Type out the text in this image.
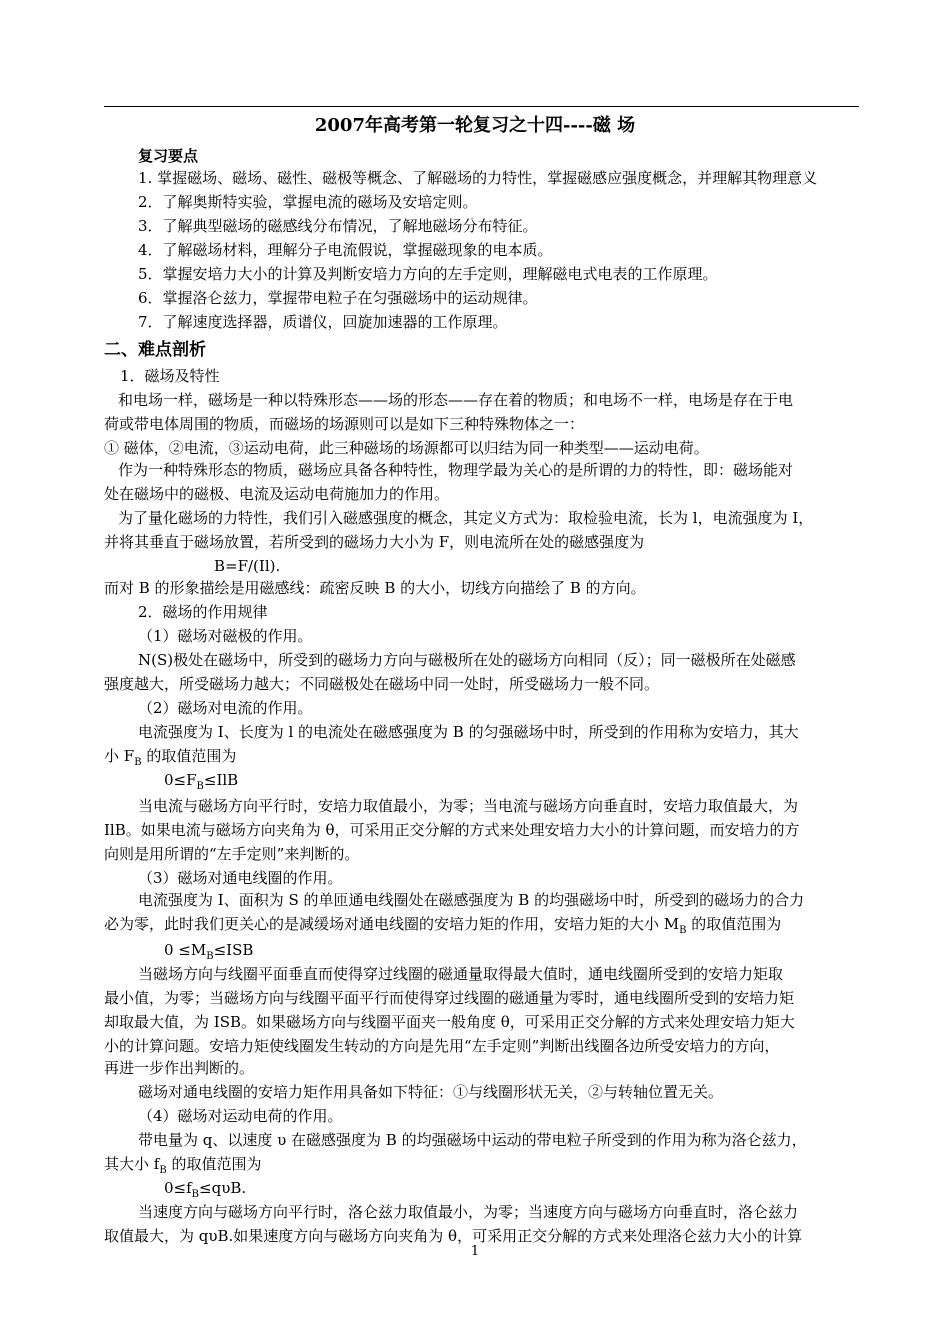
2007年高考第一轮复习之十四----磁 场
复习要点
1. 掌握磁场、磁场、磁性、磁极等概念、了解磁场的力特性，掌握磁感应强度概念，并理解其物理意义
2．了解奥斯特实验，掌握电流的磁场及安培定则。
3．了解典型磁场的磁感线分布情况，了解地磁场分布特征。
4．了解磁场材料，理解分子电流假说，掌握磁现象的电本质。
5．掌握安培力大小的计算及判断安培力方向的左手定则，理解磁电式电表的工作原理。
6．掌握洛仑兹力，掌握带电粒子在匀强磁场中的运动规律。
7．了解速度选择器，质谱仪，回旋加速器的工作原理。
二、难点剖析
1．磁场及特性
和电场一样，磁场是一种以特殊形态——场的形态——存在着的物质；和电场不一样，电场是存在于电
荷或带电体周围的物质，而磁场的场源则可以是如下三种特殊物体之一：
① 磁体，②电流，③运动电荷，此三种磁场的场源都可以归结为同一种类型——运动电荷。
作为一种特殊形态的物质，磁场应具备各种特性，物理学最为关心的是所谓的力的特性，即：磁场能对
处在磁场中的磁极、电流及运动电荷施加力的作用。
为了量化磁场的力特性，我们引入磁感强度的概念，其定义方式为：取检验电流，长为 l，电流强度为 I，
并将其垂直于磁场放置，若所受到的磁场力大小为 F，则电流所在处的磁感强度为
B=F/(Il).
而对 B 的形象描绘是用磁感线：疏密反映 B 的大小，切线方向描绘了 B 的方向。
2．磁场的作用规律
（1）磁场对磁极的作用。
N(S)极处在磁场中，所受到的磁场力方向与磁极所在处的磁场方向相同（反）；同一磁极所在处磁感
强度越大，所受磁场力越大；不同磁极处在磁场中同一处时，所受磁场力一般不同。
（2）磁场对电流的作用。
电流强度为 I、长度为 l 的电流处在磁感强度为 B 的匀强磁场中时，所受到的作用称为安培力，其大
小 $F_B$ 的取值范围为
$0\le F_B\le IlB$
当电流与磁场方向平行时，安培力取值最小，为零；当电流与磁场方向垂直时，安培力取值最大，为
IlB。如果电流与磁场方向夹角为 θ，可采用正交分解的方式来处理安培力大小的计算问题，而安培力的方
向则是用所谓的“左手定则”来判断的。
（3）磁场对通电线圈的作用。
电流强度为 I、面积为 S 的单匝通电线圈处在磁感强度为 B 的均强磁场中时，所受到的磁场力的合力
必为零，此时我们更关心的是减缓场对通电线圈的安培力矩的作用，安培力矩的大小 $M_B$ 的取值范围为
$0 \le M_B\le ISB$
当磁场方向与线圈平面垂直而使得穿过线圈的磁通量取得最大值时，通电线圈所受到的安培力矩取
最小值，为零；当磁场方向与线圈平面平行而使得穿过线圈的磁通量为零时，通电线圈所受到的安培力矩
却取最大值，为 ISB。如果磁场方向与线圈平面夹一般角度 θ，可采用正交分解的方式来处理安培力矩大
小的计算问题。安培力矩使线圈发生转动的方向是先用“左手定则”判断出线圈各边所受安培力的方向，
再进一步作出判断的。
磁场对通电线圈的安培力矩作用具备如下特征：①与线圈形状无关，②与转轴位置无关。
（4）磁场对运动电荷的作用。
带电量为 q、以速度 υ 在磁感强度为 B 的均强磁场中运动的带电粒子所受到的作用为称为洛仑兹力，
其大小 $f_B$ 的取值范围为
$0\le f_B\le q\upsilon B$.
当速度方向与磁场方向平行时，洛仑兹力取值最小，为零；当速度方向与磁场方向垂直时，洛仑兹力
取值最大，为 qυB.如果速度方向与磁场方向夹角为 θ，可采用正交分解的方式来处理洛仑兹力大小的计算
1
